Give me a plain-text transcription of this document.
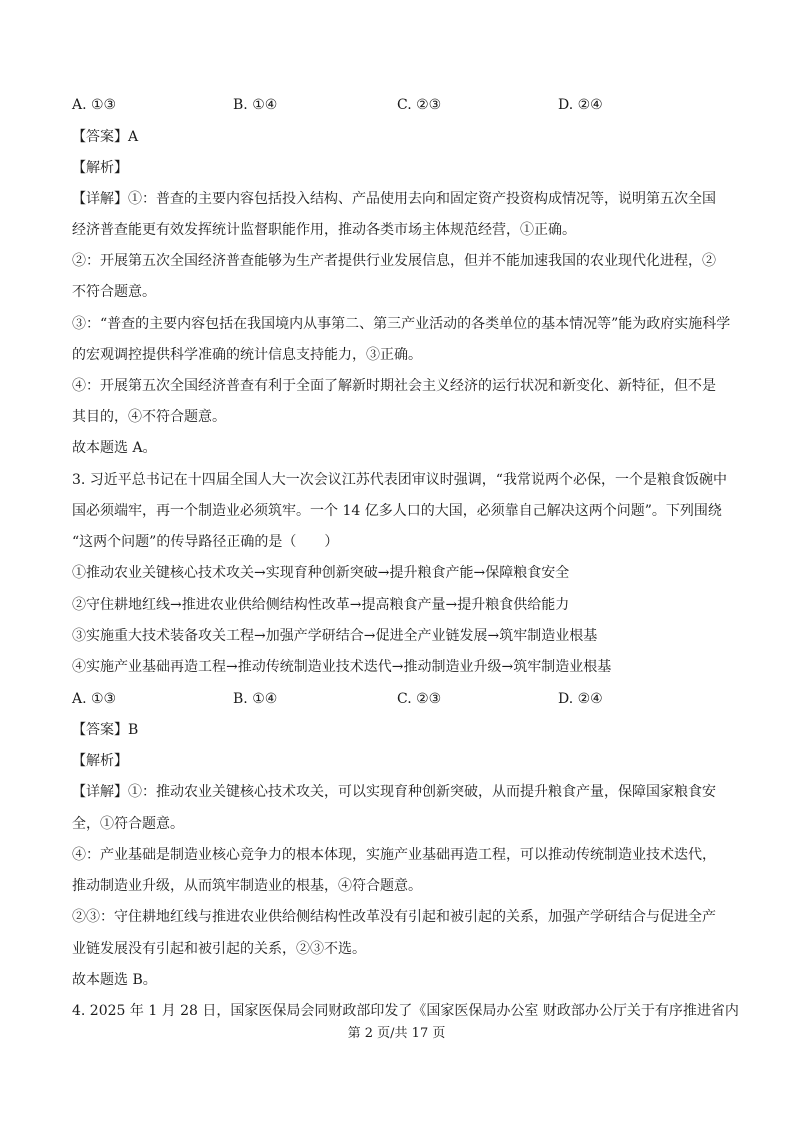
A. ①③	B. ①④	C. ②③	D. ②④
【答案】A
【解析】
【详解】①：普查的主要内容包括投入结构、产品使用去向和固定资产投资构成情况等，说明第五次全国
经济普查能更有效发挥统计监督职能作用，推动各类市场主体规范经营，①正确。
②：开展第五次全国经济普查能够为生产者提供行业发展信息，但并不能加速我国的农业现代化进程，②
不符合题意。
③：“普查的主要内容包括在我国境内从事第二、第三产业活动的各类单位的基本情况等”能为政府实施科学
的宏观调控提供科学准确的统计信息支持能力，③正确。
④：开展第五次全国经济普查有利于全面了解新时期社会主义经济的运行状况和新变化、新特征，但不是
其目的，④不符合题意。
故本题选 A。
3. 习近平总书记在十四届全国人大一次会议江苏代表团审议时强调，“我常说两个必保，一个是粮食饭碗中
国必须端牢，再一个制造业必须筑牢。一个 14 亿多人口的大国，必须靠自己解决这两个问题”。下列围绕
“这两个问题”的传导路径正确的是（　　）
①推动农业关键核心技术攻关→实现育种创新突破→提升粮食产能→保障粮食安全
②守住耕地红线→推进农业供给侧结构性改革→提高粮食产量→提升粮食供给能力
③实施重大技术装备攻关工程→加强产学研结合→促进全产业链发展→筑牢制造业根基
④实施产业基础再造工程→推动传统制造业技术迭代→推动制造业升级→筑牢制造业根基
A. ①③	B. ①④	C. ②③	D. ②④
【答案】B
【解析】
【详解】①：推动农业关键核心技术攻关，可以实现育种创新突破，从而提升粮食产量，保障国家粮食安
全，①符合题意。
④：产业基础是制造业核心竞争力的根本体现，实施产业基础再造工程，可以推动传统制造业技术迭代，
推动制造业升级，从而筑牢制造业的根基，④符合题意。
②③：守住耕地红线与推进农业供给侧结构性改革没有引起和被引起的关系，加强产学研结合与促进全产
业链发展没有引起和被引起的关系，②③不选。
故本题选 B。
4. 2025 年 1 月 28 日，国家医保局会同财政部印发了《国家医保局办公室 财政部办公厅关于有序推进省内
第 2 页/共 17 页
